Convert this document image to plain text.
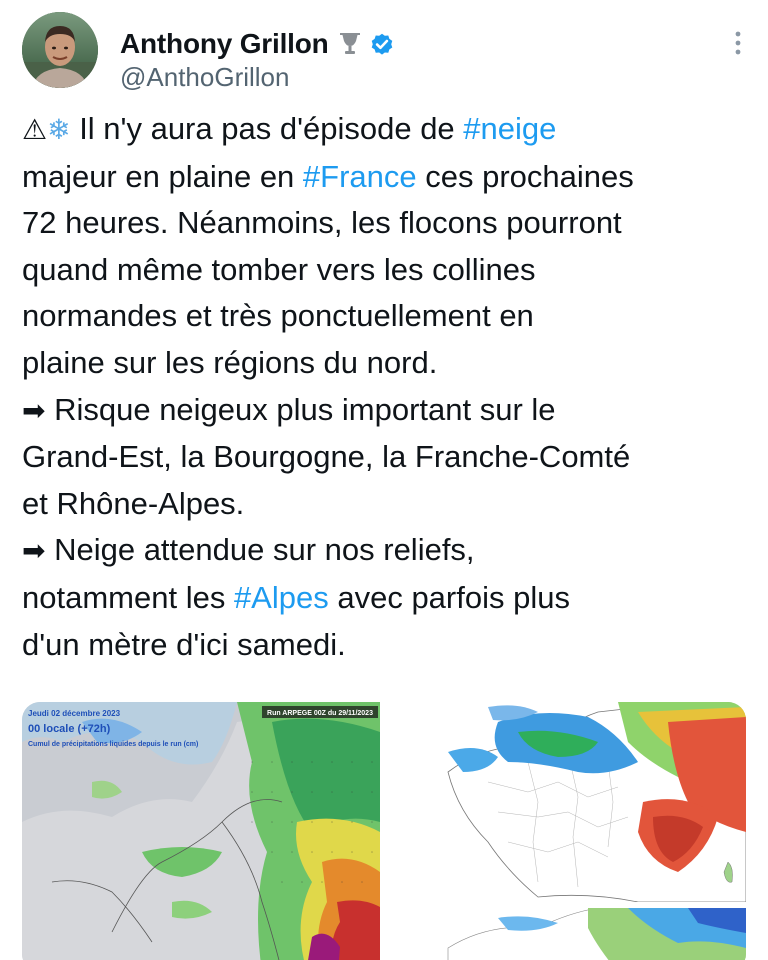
Anthony Grillon
@AnthoGrillon
⚠❄ Il n'y aura pas d'épisode de #neige
majeur en plaine en #France ces prochaines
72 heures. Néanmoins, les flocons pourront
quand même tomber vers les collines
normandes et très ponctuellement en
plaine sur les régions du nord.
➡ Risque neigeux plus important sur le
Grand-Est, la Bourgogne, la Franche-Comté
et Rhône-Alpes.
➡ Neige attendue sur nos reliefs,
notamment les #Alpes avec parfois plus
d'un mètre d'ici samedi.
Run ARPEGE 00Z du 29/11/2023
Jeudi 02 décembre 2023
00 locale (+72h)
Cumul de précipitations liquides depuis le run (cm)
